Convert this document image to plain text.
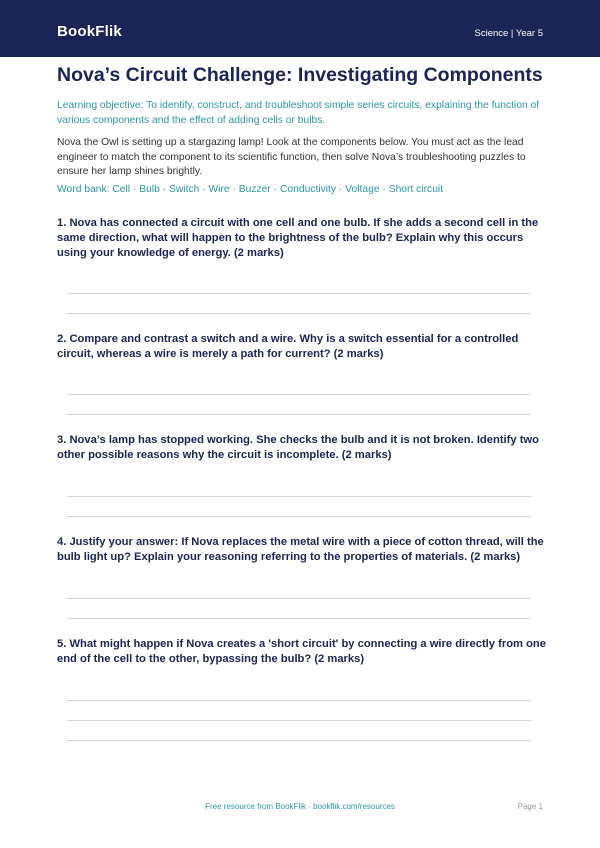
BookFlik	Science | Year 5
Nova’s Circuit Challenge: Investigating Components

Learning objective: To identify, construct, and troubleshoot simple series circuits, explaining the function of various components and the effect of adding cells or bulbs.

Nova the Owl is setting up a stargazing lamp! Look at the components below. You must act as the lead engineer to match the component to its scientific function, then solve Nova’s troubleshooting puzzles to ensure her lamp shines brightly.

Word bank: Cell · Bulb · Switch · Wire · Buzzer · Conductivity · Voltage · Short circuit

1. Nova has connected a circuit with one cell and one bulb. If she adds a second cell in the same direction, what will happen to the brightness of the bulb? Explain why this occurs using your knowledge of energy. (2 marks)

2. Compare and contrast a switch and a wire. Why is a switch essential for a controlled circuit, whereas a wire is merely a path for current? (2 marks)

3. Nova’s lamp has stopped working. She checks the bulb and it is not broken. Identify two other possible reasons why the circuit is incomplete. (2 marks)

4. Justify your answer: If Nova replaces the metal wire with a piece of cotton thread, will the bulb light up? Explain your reasoning referring to the properties of materials. (2 marks)

5. What might happen if Nova creates a 'short circuit' by connecting a wire directly from one end of the cell to the other, bypassing the bulb? (2 marks)

Free resource from BookFlik · bookflik.com/resources	Page 1
